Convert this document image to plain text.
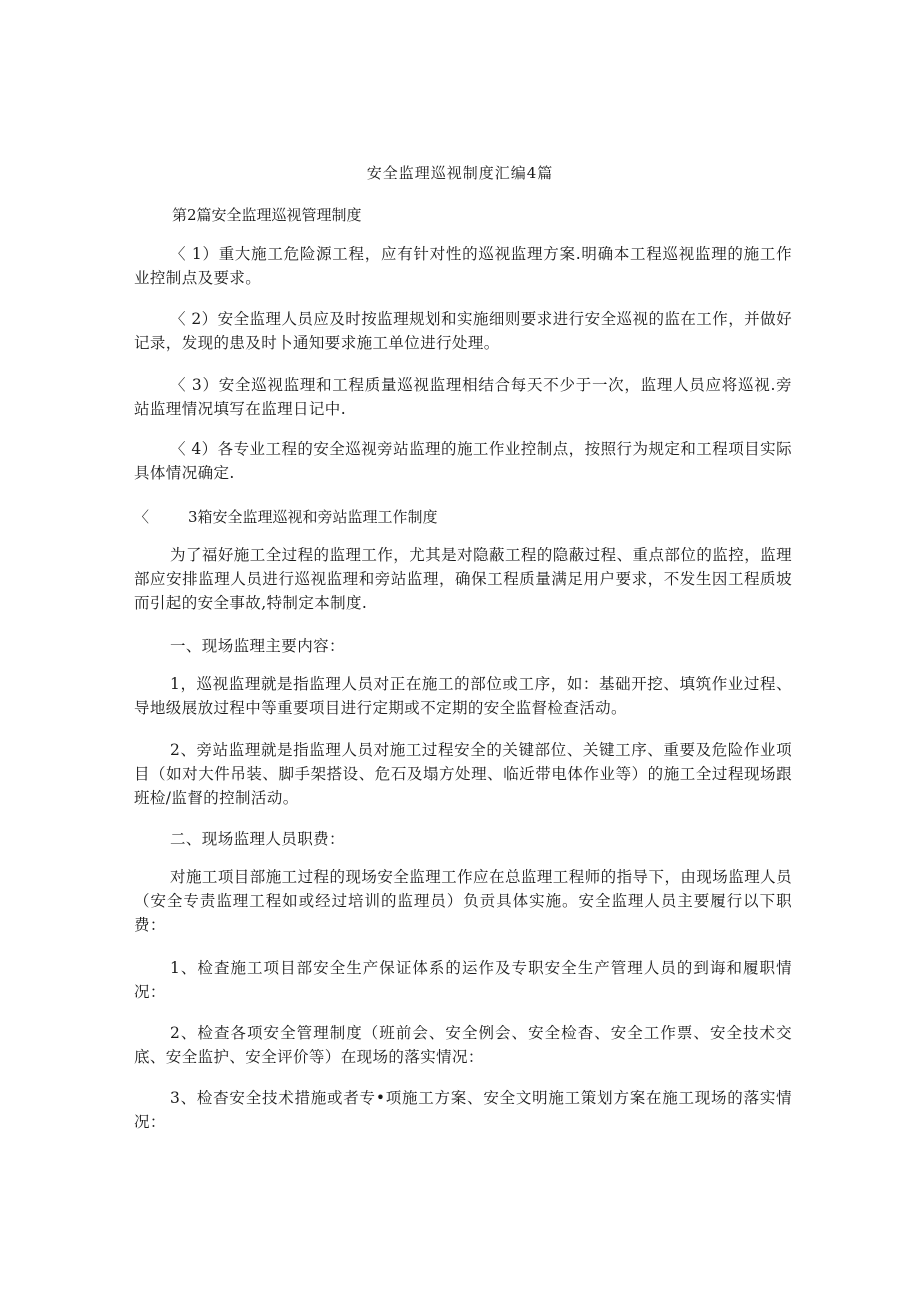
安全监理巡视制度汇编4篇
第2篇安全监理巡视管理制度
〈 1）重大施工危险源工程，应有针对性的巡视监理方案.明确本工程巡视监理的施工作业控制点及要求。
〈 2）安全监理人员应及时按监理规划和实施细则要求进行安全巡视的监在工作，并做好记录，发现的患及时卜通知要求施工单位进行处理。
〈 3）安全巡视监理和工程质量巡视监理相结合每天不少于一次，监理人员应将巡视.旁站监理情况填写在监理日记中.
〈 4）各专业工程的安全巡视旁站监理的施工作业控制点，按照行为规定和工程项目实际具体情况确定.
〈	3箱安全监理巡视和旁站监理工作制度
为了福好施工全过程的监理工作，尤其是对隐蔽工程的隐蔽过程、重点部位的监控，监理部应安排监理人员进行巡视监理和旁站监理，确保工程质量满足用户要求，不发生因工程质坡而引起的安全事故,特制定本制度.
一、现场监理主要内容：
1，巡视监理就是指监理人员对正在施工的部位或工序，如：基础开挖、填筑作业过程、导地级展放过程中等重要项目进行定期或不定期的安全监督检查活动。
2、旁站监理就是指监理人员对施工过程安全的关键部位、关键工序、重要及危险作业项目（如对大件吊装、脚手架搭设、危石及塌方处理、临近带电体作业等）的施工全过程现场跟班检/监督的控制活动。
二、现场监理人员职费：
对施工项目部施工过程的现场安全监理工作应在总监理工程师的指导下，由现场监理人员（安全专责监理工程如或经过培训的监理员）负贡具体实施。安全监理人员主要履行以下职费：
1、检査施工项目部安全生产保证体系的运作及专职安全生产管理人员的到诲和履职情况：
2、检查各项安全管理制度（班前会、安全例会、安全检杳、安全工作票、安全技术交底、安全监护、安全评价等）在现场的落实情况：
3、检杳安全技术措施或者专•项施工方案、安全文明施工策划方案在施工现场的落实情况：
